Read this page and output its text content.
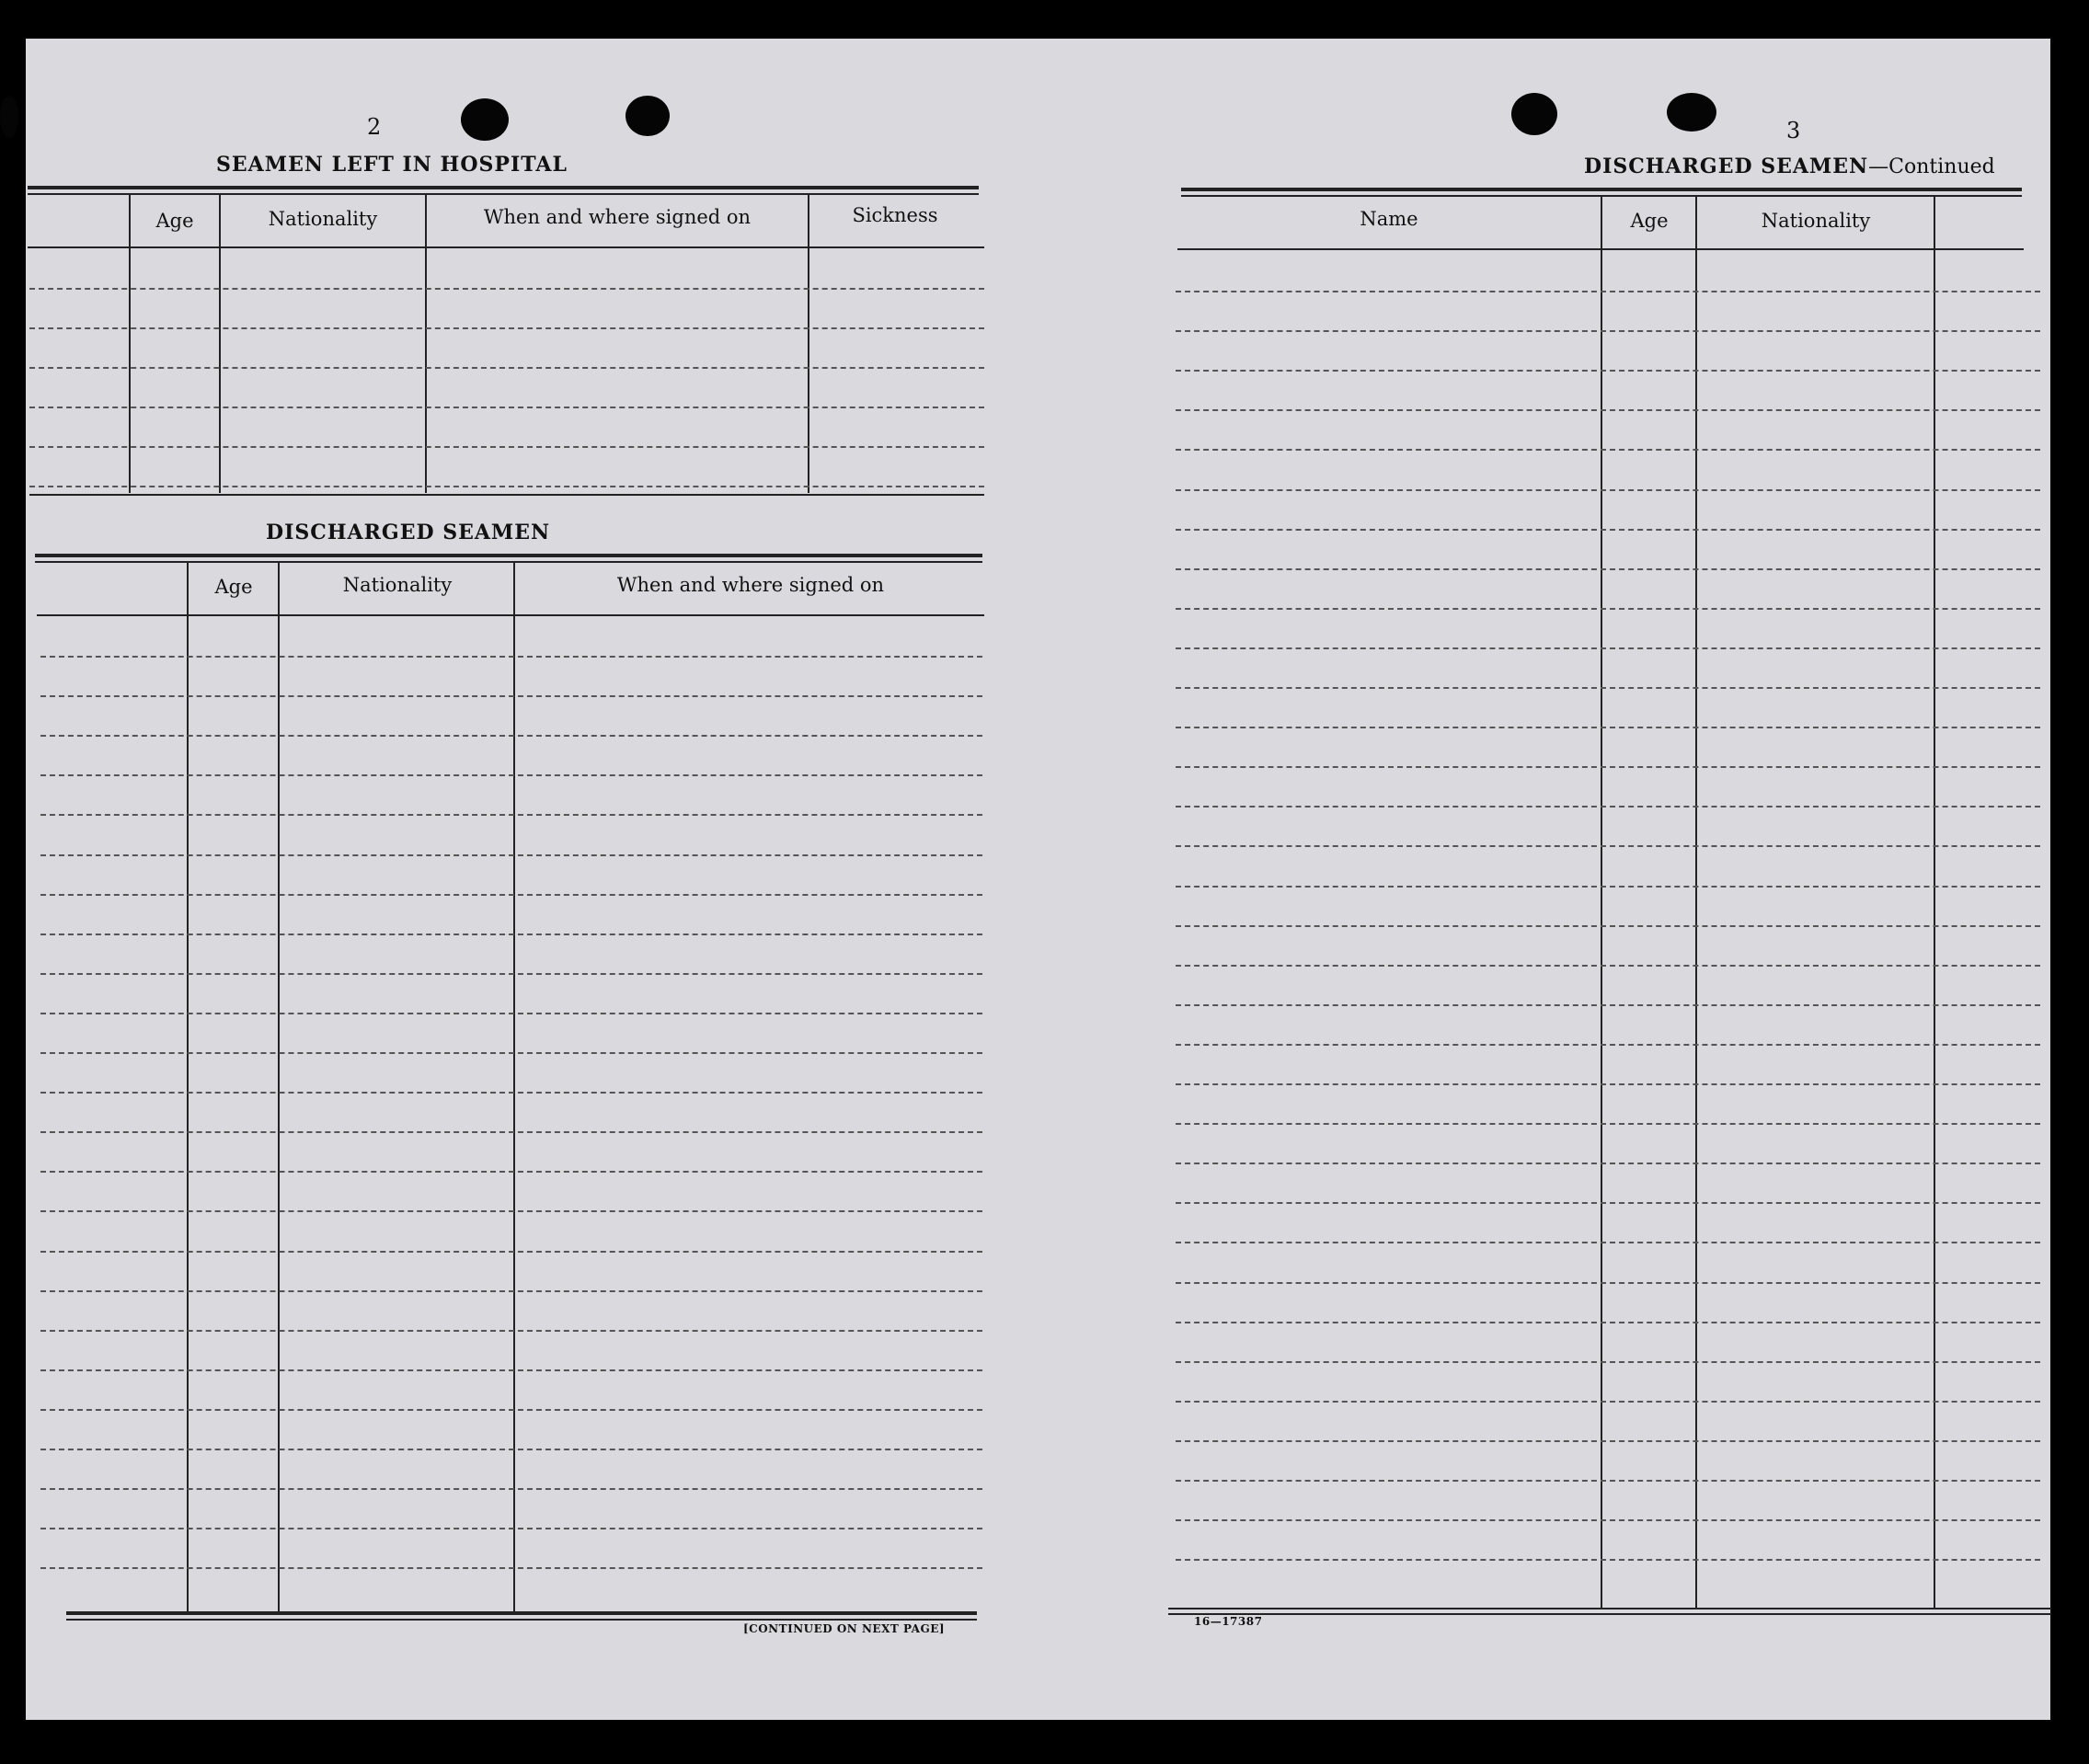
2
SEAMEN LEFT IN HOSPITAL
Age	Nationality	When and where signed on	Sickness
DISCHARGED SEAMEN
Age	Nationality	When and where signed on
[CONTINUED ON NEXT PAGE]
3
DISCHARGED SEAMEN—Continued
Name	Age	Nationality
16—17387
